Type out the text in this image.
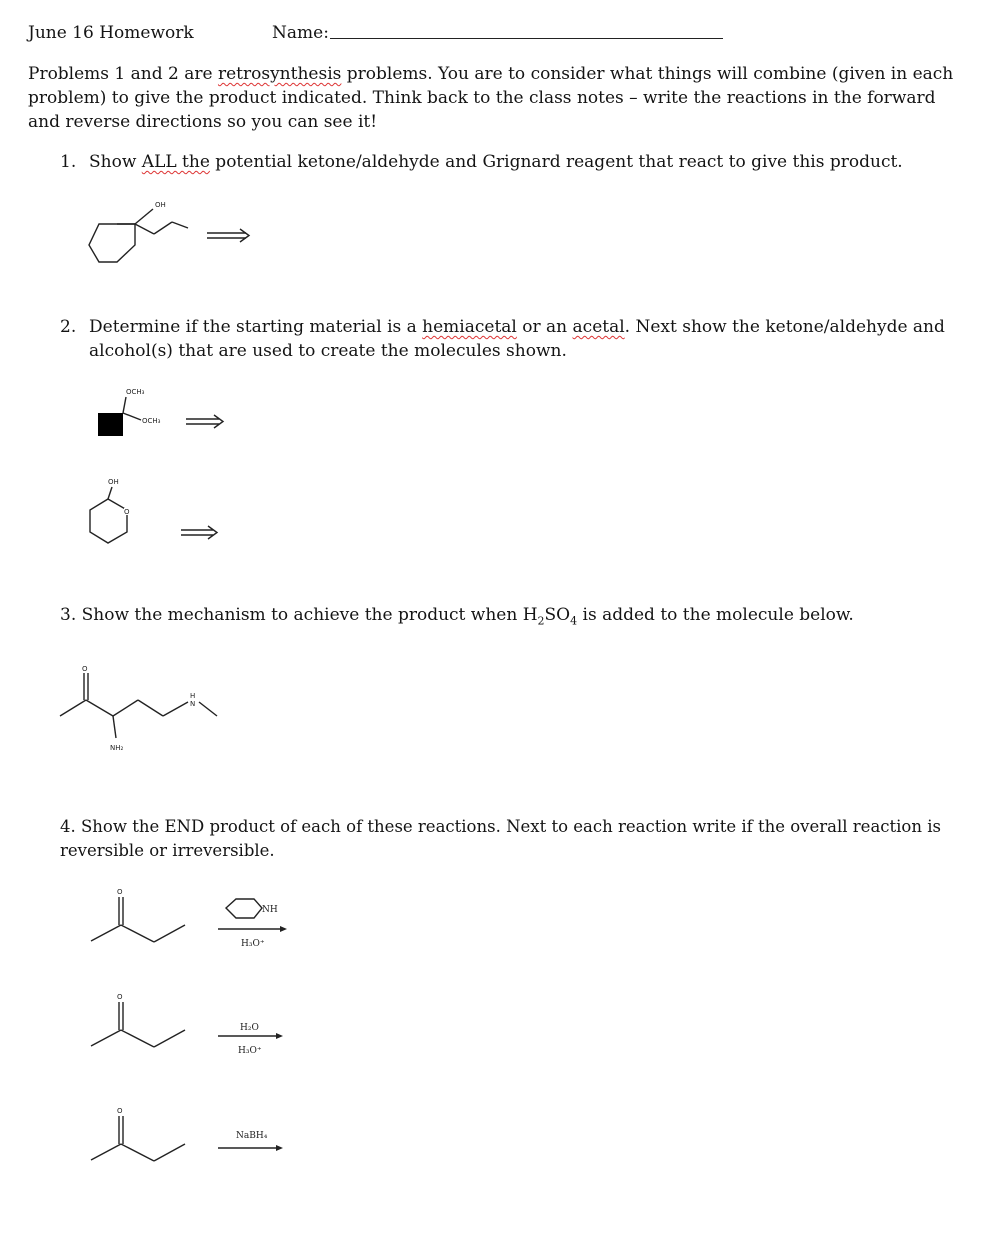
June 16 Homework	Name:
Problems 1 and 2 are retrosynthesis problems. You are to consider what things will combine (given in each
problem) to give the product indicated. Think back to the class notes – write the reactions in the forward
and reverse directions so you can see it!
1. Show ALL the potential ketone/aldehyde and Grignard reagent that react to give this product.
2. Determine if the starting material is a hemiacetal or an acetal. Next show the ketone/aldehyde and
alcohol(s) that are used to create the molecules shown.
3. Show the mechanism to achieve the product when $H_2SO_4$ is added to the molecule below.
4. Show the END product of each of these reactions. Next to each reaction write if the overall reaction is
reversible or irreversible.
OH
OCH₃
OCH₃
OH
O
O
H
N
NH₂
O
NH
H₃O⁺
O
H₂O
H₃O⁺
O
NaBH₄
